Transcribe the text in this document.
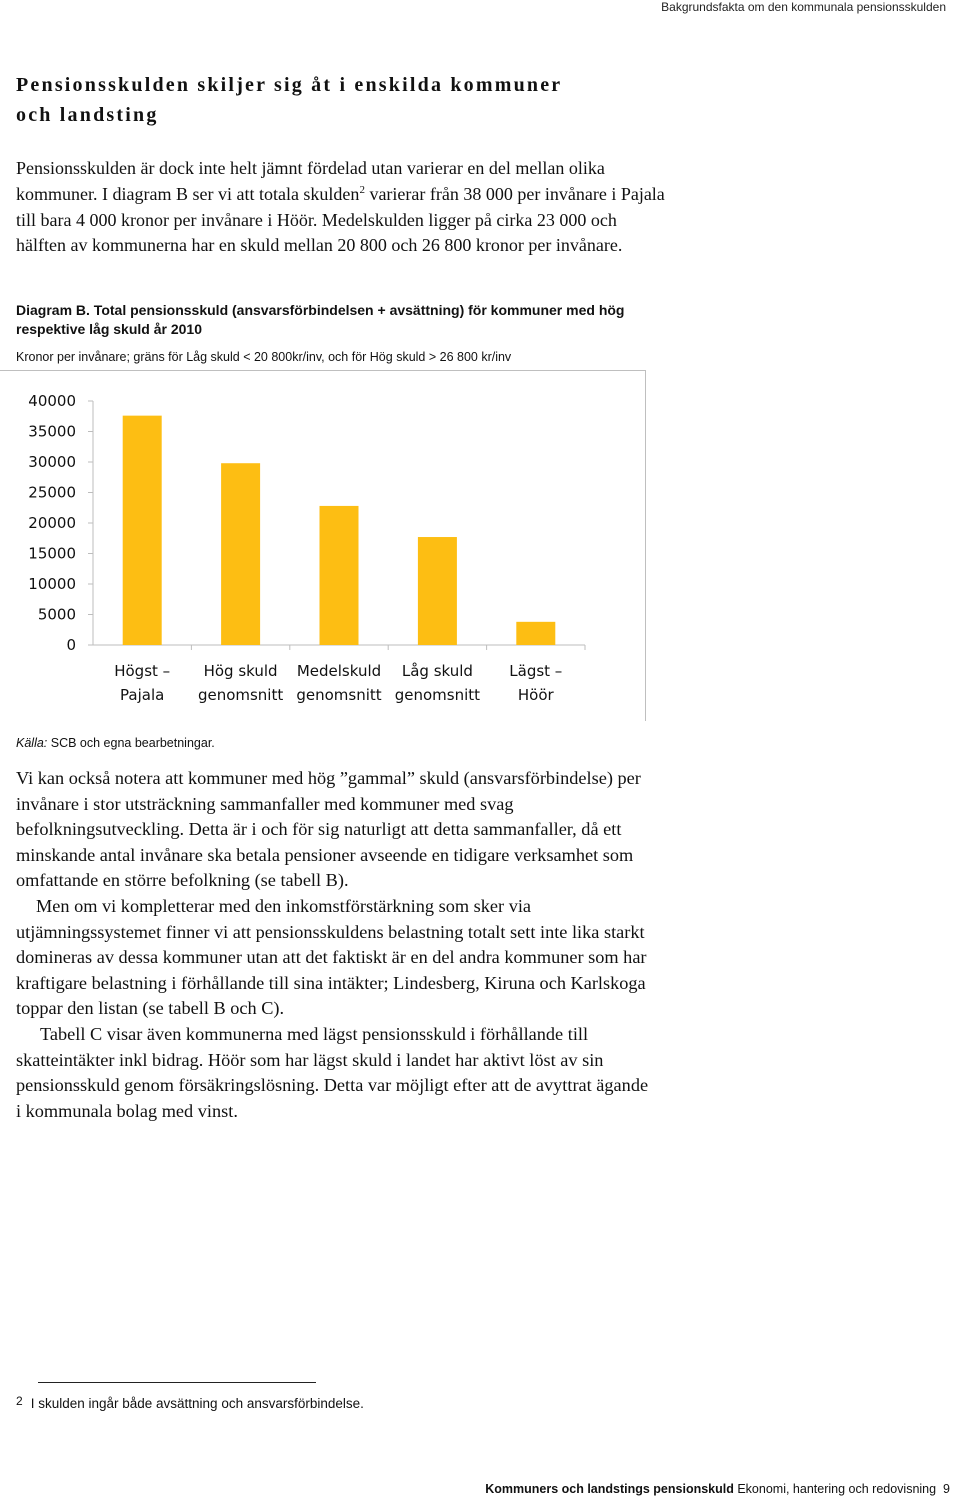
Bakgrundsfakta om den kommunala pensionsskulden
Pensionsskulden skiljer sig åt i enskilda kommuner
och landsting

Pensionsskulden är dock inte helt jämnt fördelad utan varierar en del mellan olika kommuner. I diagram B ser vi att totala skulden$^2$ varierar från 38 000 per invånare i Pajala till bara 4 000 kronor per invånare i Höör. Medelskulden ligger på cirka 23 000 och hälften av kommunerna har en skuld mellan 20 800 och 26 800 kronor per invånare.

Diagram B. Total pensionsskuld (ansvarsförbindelsen + avsättning) för kommuner med hög respektive låg skuld år 2010

Kronor per invånare; gräns för Låg skuld < 20 800kr/inv, och för Hög skuld > 26 800 kr/inv

40000
35000
30000
25000
20000
15000
10000
5000
0
Högst –
Pajala
Hög skuld
genomsnitt
Medelskuld
genomsnitt
Låg skuld
genomsnitt
Lägst –
Höör

Källa: SCB och egna bearbetningar.

Vi kan också notera att kommuner med hög ”gammal” skuld (ansvarsförbindelse) per invånare i stor utsträckning sammanfaller med kommuner med svag befolkningsutveckling. Detta är i och för sig naturligt att detta sammanfaller, då ett minskande antal invånare ska betala pensioner avseende en tidigare verksamhet som omfattande en större befolkning (se tabell B).

Men om vi kompletterar med den inkomstförstärkning som sker via utjämningssystemet finner vi att pensionsskuldens belastning totalt sett inte lika starkt domineras av dessa kommuner utan att det faktiskt är en del andra kommuner som har kraftigare belastning i förhållande till sina intäkter; Lindesberg, Kiruna och Karlskoga toppar den listan (se tabell B och C).

Tabell C visar även kommunerna med lägst pensionsskuld i förhållande till skatteintäkter inkl bidrag. Höör som har lägst skuld i landet har aktivt löst av sin pensionsskuld genom försäkringslösning. Detta var möjligt efter att de avyttrat ägande i kommunala bolag med vinst.

$^2$ I skulden ingår både avsättning och ansvarsförbindelse.

Kommuners och landstings pensionskuld Ekonomi, hantering och redovisning 9
